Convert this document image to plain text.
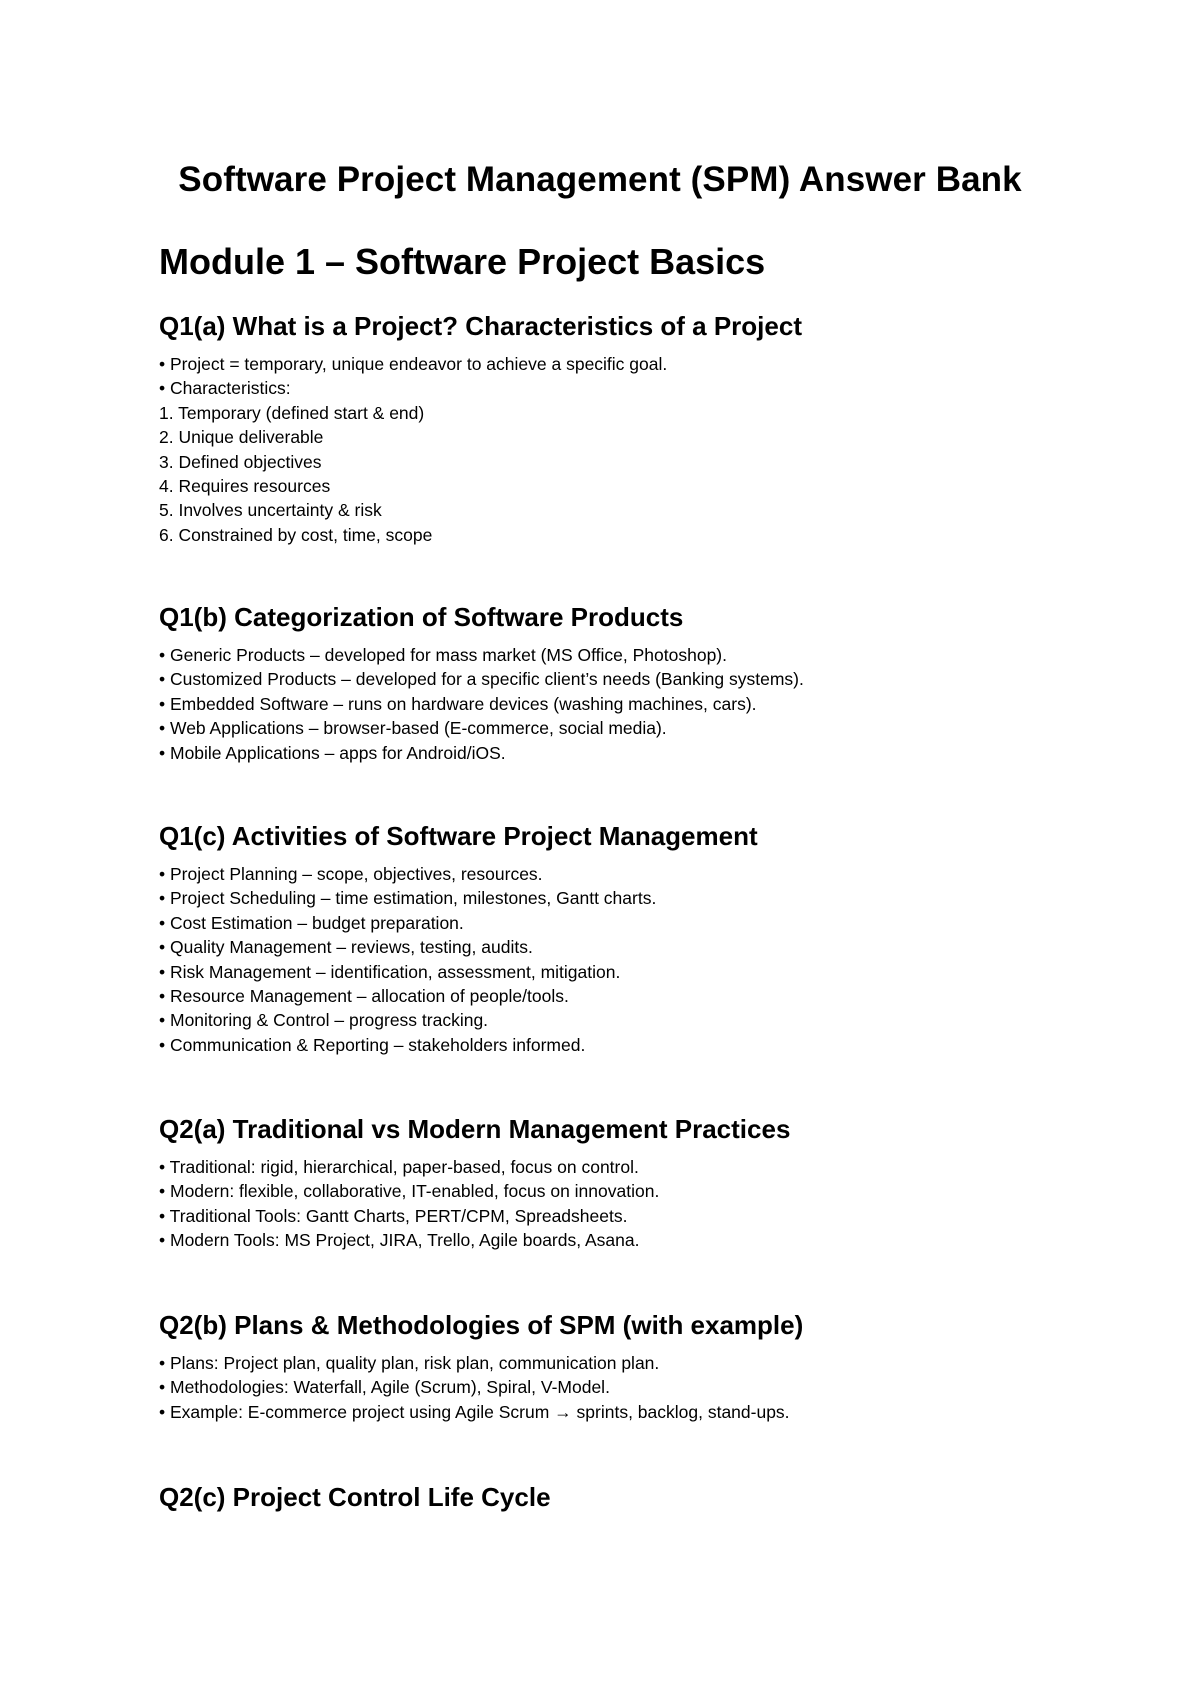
Software Project Management (SPM) Answer Bank
Module 1 – Software Project Basics
Q1(a) What is a Project? Characteristics of a Project
• Project = temporary, unique endeavor to achieve a specific goal.
• Characteristics:
1. Temporary (defined start & end)
2. Unique deliverable
3. Defined objectives
4. Requires resources
5. Involves uncertainty & risk
6. Constrained by cost, time, scope
Q1(b) Categorization of Software Products
• Generic Products – developed for mass market (MS Office, Photoshop).
• Customized Products – developed for a specific client’s needs (Banking systems).
• Embedded Software – runs on hardware devices (washing machines, cars).
• Web Applications – browser-based (E-commerce, social media).
• Mobile Applications – apps for Android/iOS.
Q1(c) Activities of Software Project Management
• Project Planning – scope, objectives, resources.
• Project Scheduling – time estimation, milestones, Gantt charts.
• Cost Estimation – budget preparation.
• Quality Management – reviews, testing, audits.
• Risk Management – identification, assessment, mitigation.
• Resource Management – allocation of people/tools.
• Monitoring & Control – progress tracking.
• Communication & Reporting – stakeholders informed.
Q2(a) Traditional vs Modern Management Practices
• Traditional: rigid, hierarchical, paper-based, focus on control.
• Modern: flexible, collaborative, IT-enabled, focus on innovation.
• Traditional Tools: Gantt Charts, PERT/CPM, Spreadsheets.
• Modern Tools: MS Project, JIRA, Trello, Agile boards, Asana.
Q2(b) Plans & Methodologies of SPM (with example)
• Plans: Project plan, quality plan, risk plan, communication plan.
• Methodologies: Waterfall, Agile (Scrum), Spiral, V-Model.
• Example: E-commerce project using Agile Scrum → sprints, backlog, stand-ups.
Q2(c) Project Control Life Cycle
